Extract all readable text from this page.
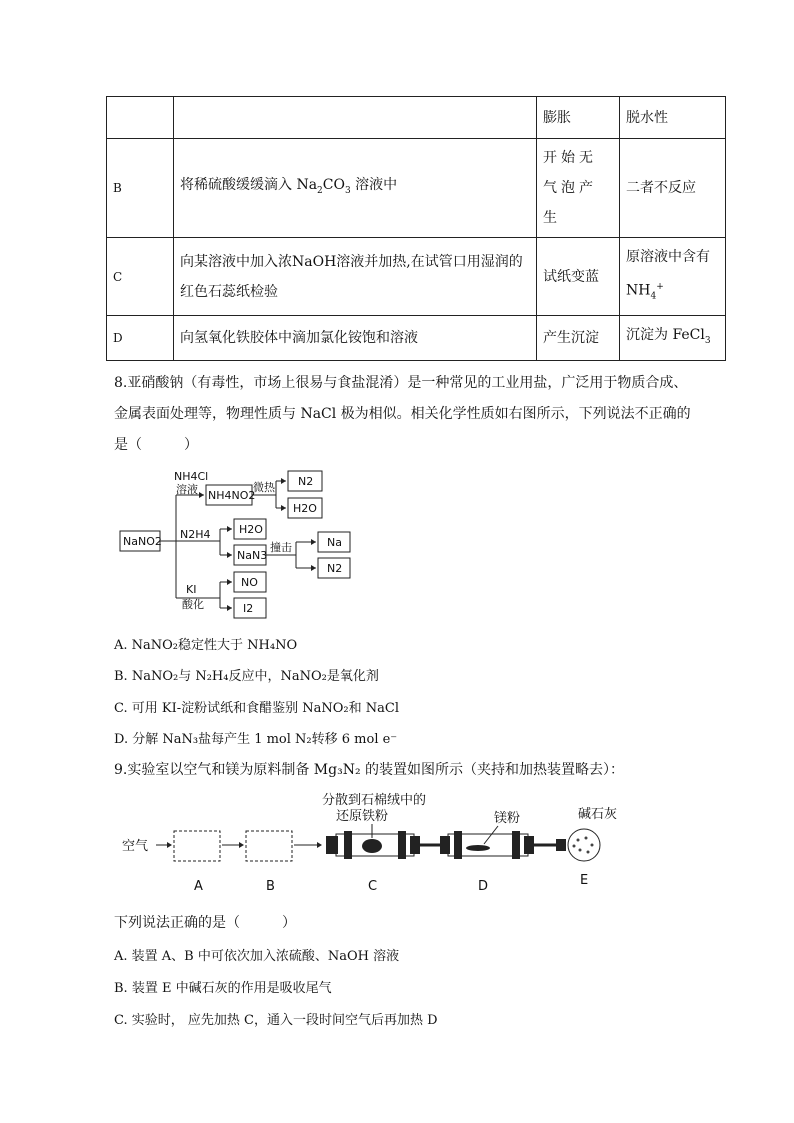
		膨胀	脱水性
B	将稀硫酸缓缓滴入 $Na_2CO_3$ 溶液中	开始无气泡产生	二者不反应
C	向某溶液中加入浓NaOH溶液并加热,在试管口用湿润的红色石蕊纸检验	试纸变蓝	原溶液中含有$NH_4^+$
D	向氢氧化铁胶体中滴加氯化铵饱和溶液	产生沉淀	沉淀为 FeCl$_3$
8.亚硝酸钠（有毒性，市场上很易与食盐混淆）是一种常见的工业用盐，广泛用于物质合成、
金属表面处理等，物理性质与 NaCl 极为相似。相关化学性质如右图所示，下列说法不正确的
是（　　　）
NaNO2
NH4Cl
溶液 NH4NO2
微热 N2
H2O
N2H4	H2O
NaN3
撞击	Na
N2
KI
酸化
NO
I2
A. NaNO₂稳定性大于 NH₄NO
B. NaNO₂与 N₂H₄反应中，NaNO₂是氧化剂
C. 可用 KI-淀粉试纸和食醋鉴别 NaNO₂和 NaCl
D. 分解 NaN₃盐每产生 1 mol N₂转移 6 mol e⁻
9.实验室以空气和镁为原料制备 Mg₃N₂ 的装置如图所示（夹持和加热装置略去）：
空气
分散到石棉绒中的
还原铁粉	镁粉	碱石灰
A	B	C	D	E
下列说法正确的是（　　　）
A. 装置 A、B 中可依次加入浓硫酸、NaOH 溶液
B. 装置 E 中碱石灰的作用是吸收尾气
C. 实验时， 应先加热 C，通入一段时间空气后再加热 D
